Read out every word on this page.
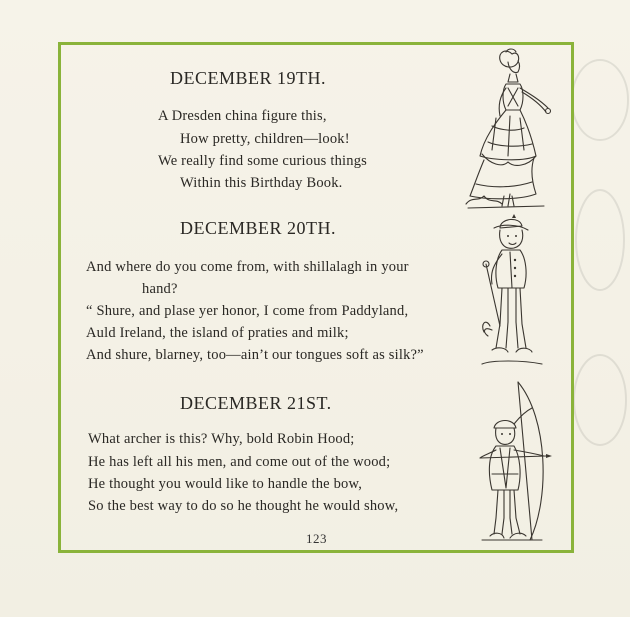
DECEMBER 19TH.
A Dresden china figure this,
How pretty, children—look!
We really find some curious things
Within this Birthday Book.
DECEMBER 20TH.
And where do you come from, with shillalagh in your
hand?
“ Shure, and plase yer honor, I come from Paddyland,
Auld Ireland, the island of praties and milk;
And shure, blarney, too—ain’t our tongues soft as silk?”
DECEMBER 21ST.
What archer is this? Why, bold Robin Hood;
He has left all his men, and come out of the wood;
He thought you would like to handle the bow,
So the best way to do so he thought he would show,
123
